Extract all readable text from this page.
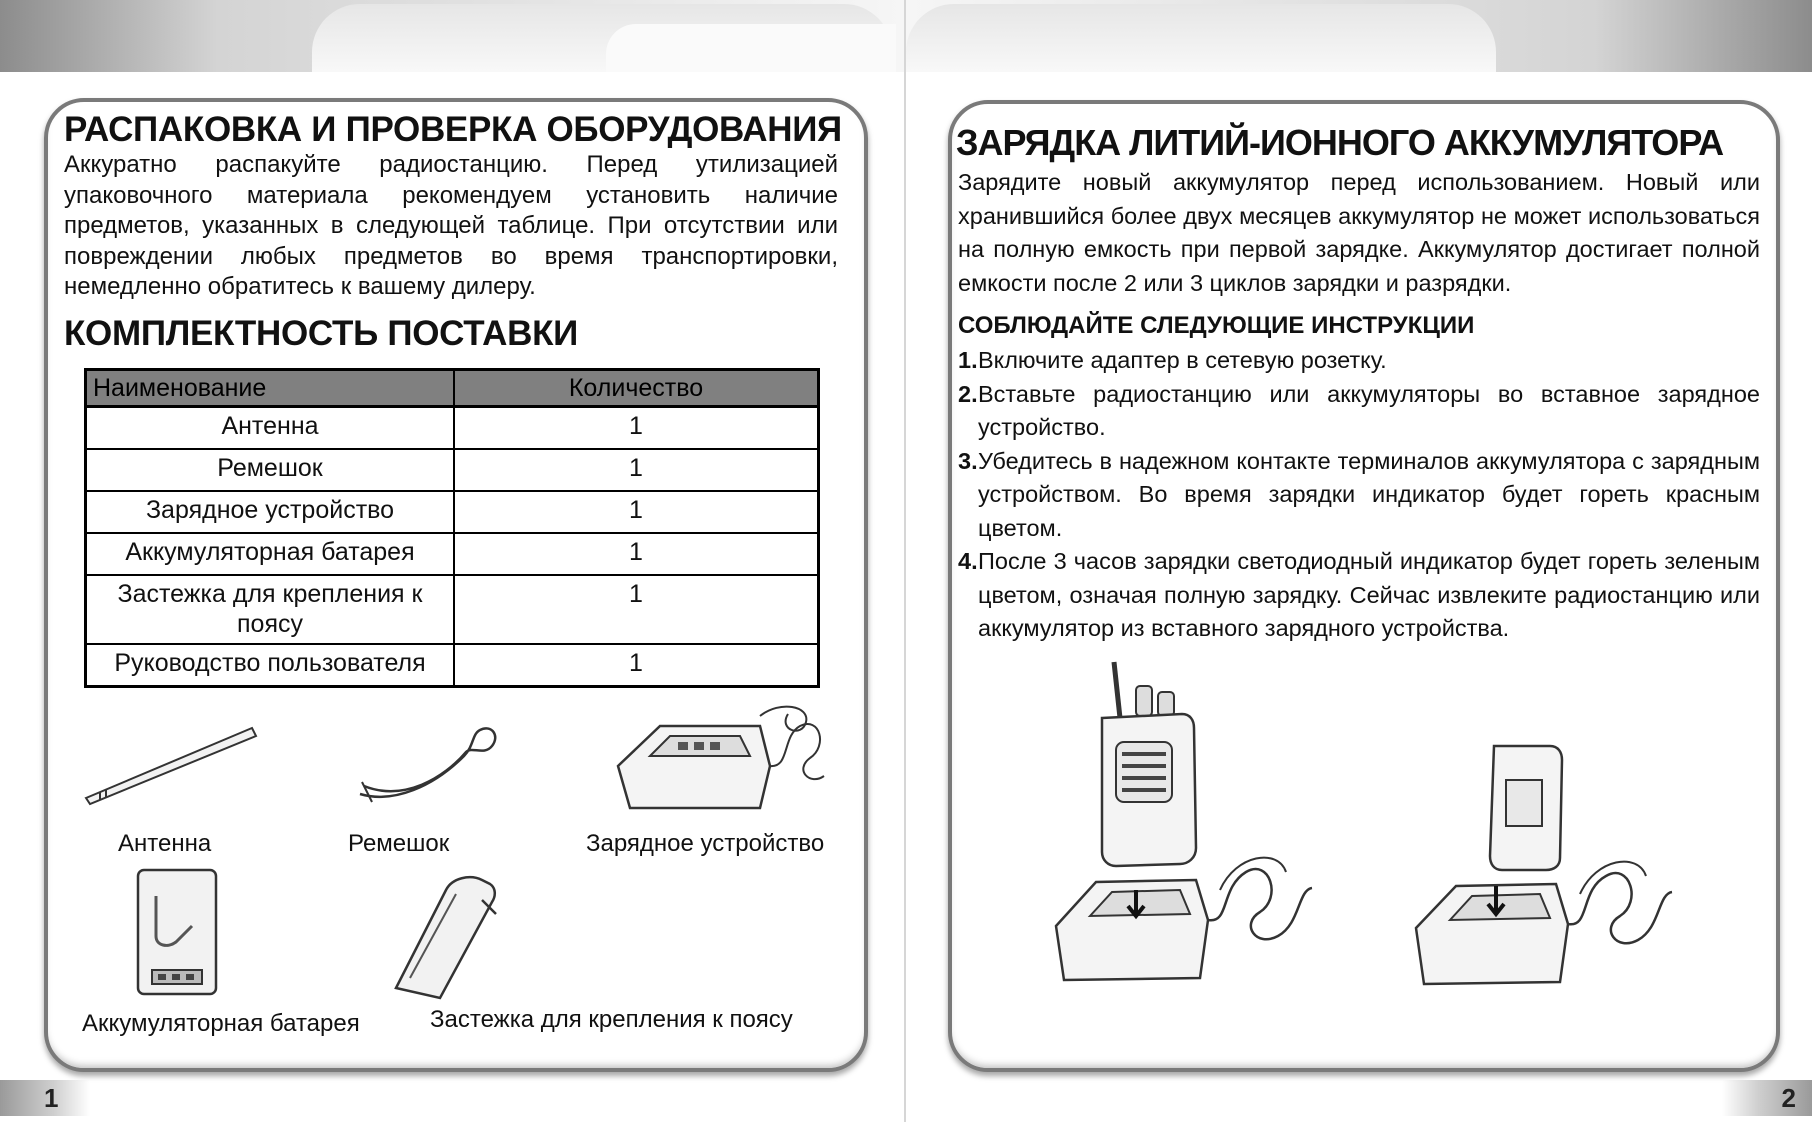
РАСПАКОВКА И ПРОВЕРКА ОБОРУДОВАНИЯ
Аккуратно распакуйте радиостанцию. Перед утилизацией упаковочного материала рекомендуем установить наличие предметов, указанных в следующей таблице. При отсутствии или повреждении любых предметов во время транспортировки, немедленно обратитесь к вашему дилеру.
КОМПЛЕКТНОСТЬ ПОСТАВКИ
Наименование	Количество
Антенна	1
Ремешок	1
Зарядное устройство	1
Аккумуляторная батарея	1
Застежка для крепления к поясу	1
Руководство пользователя	1
Антенна	Ремешок	Зарядное устройство
Аккумуляторная батарея	Застежка для крепления к поясу
ЗАРЯДКА ЛИТИЙ-ИОННОГО АККУМУЛЯТОРА
Зарядите новый аккумулятор перед использованием. Новый или хранившийся более двух месяцев аккумулятор не может использоваться на полную емкость при первой зарядке. Аккумулятор достигает полной емкости после 2 или 3 циклов зарядки и разрядки.
СОБЛЮДАЙТЕ СЛЕДУЮЩИЕ ИНСТРУКЦИИ
1. Включите адаптер в сетевую розетку.
2. Вставьте радиостанцию или аккумуляторы во вставное зарядное устройство.
3. Убедитесь в надежном контакте терминалов аккумулятора с зарядным устройством. Во время зарядки индикатор будет гореть красным цветом.
4. После 3 часов зарядки светодиодный индикатор будет гореть зеленым цветом, означая полную зарядку. Сейчас извлеките радиостанцию или аккумулятор из вставного зарядного устройства.
1	2
